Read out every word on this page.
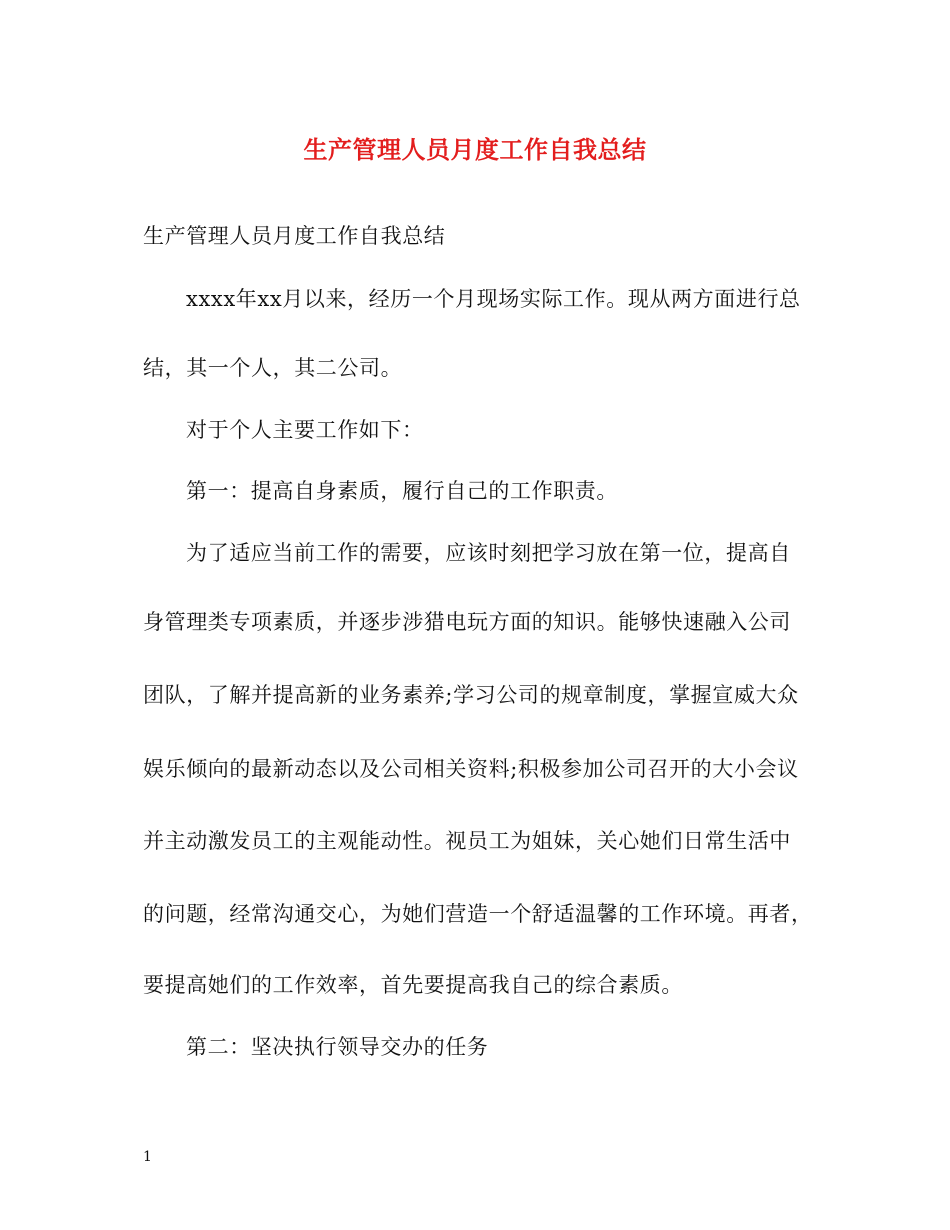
生产管理人员月度工作自我总结
生产管理人员月度工作自我总结
xxxx年xx月以来，经历一个月现场实际工作。现从两方面进行总
结，其一个人，其二公司。
对于个人主要工作如下：
第一：提高自身素质，履行自己的工作职责。
为了适应当前工作的需要，应该时刻把学习放在第一位，提高自
身管理类专项素质，并逐步涉猎电玩方面的知识。能够快速融入公司
团队，了解并提高新的业务素养;学习公司的规章制度，掌握宣威大众
娱乐倾向的最新动态以及公司相关资料;积极参加公司召开的大小会议
并主动激发员工的主观能动性。视员工为姐妹，关心她们日常生活中
的问题，经常沟通交心，为她们营造一个舒适温馨的工作环境。再者，
要提高她们的工作效率，首先要提高我自己的综合素质。
第二：坚决执行领导交办的任务
1
